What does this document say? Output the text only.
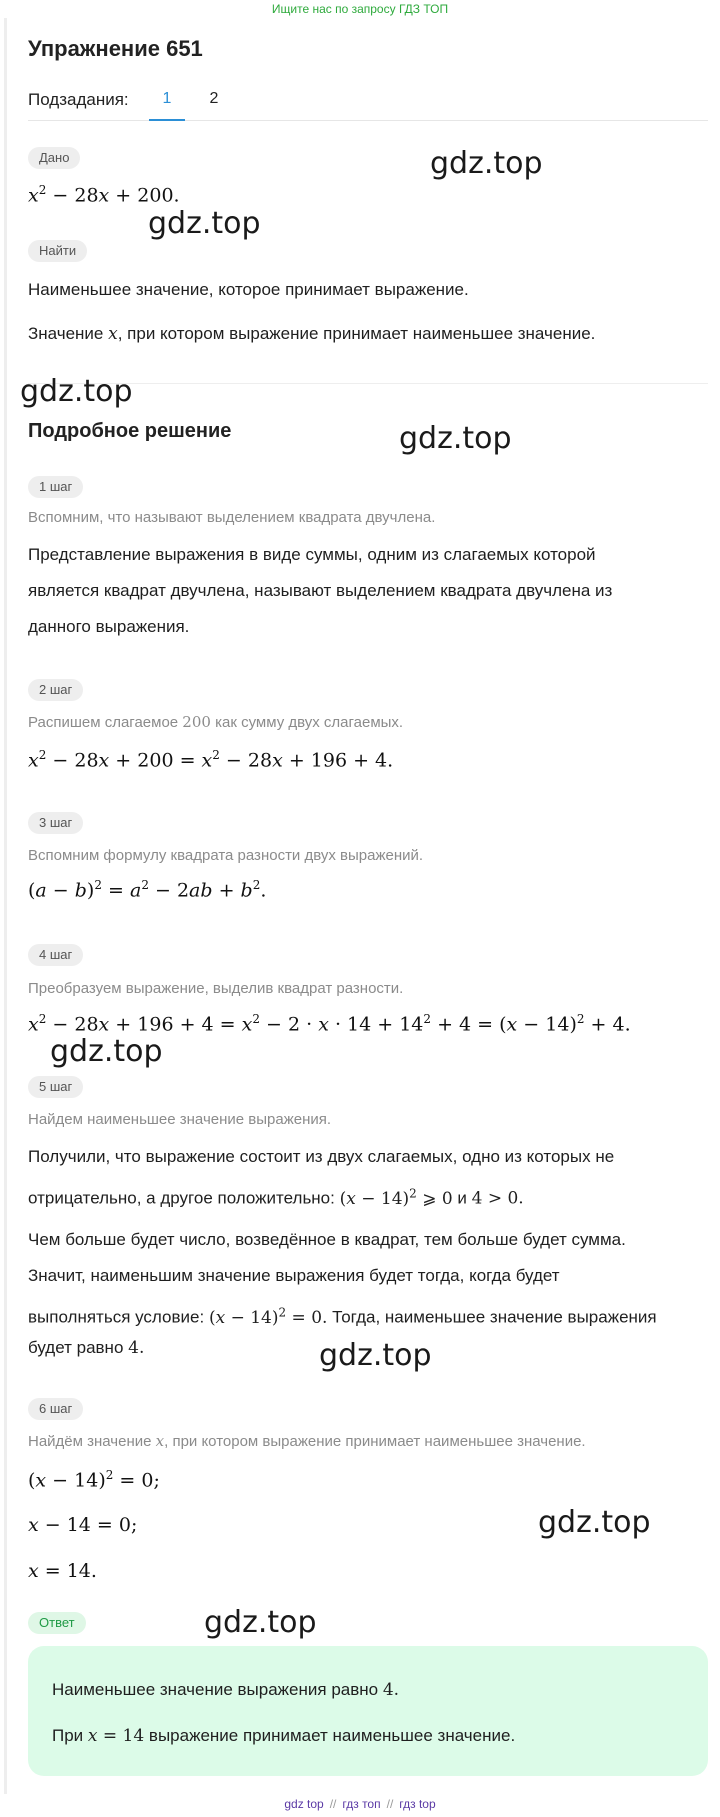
Ищите нас по запросу ГДЗ ТОП
Упражнение 651
Подзадания:	1	2
Дано
$x^2 - 28x + 200$.
Найти
Наименьшее значение, которое принимает выражение.
Значение x, при котором выражение принимает наименьшее значение.
Подробное решение
1 шаг
Вспомним, что называют выделением квадрата двучлена.
Представление выражения в виде суммы, одним из слагаемых которой
является квадрат двучлена, называют выделением квадрата двучлена из
данного выражения.
2 шаг
Распишем слагаемое 200 как сумму двух слагаемых.
$x^2 - 28x + 200 = x^2 - 28x + 196 + 4$.
3 шаг
Вспомним формулу квадрата разности двух выражений.
$(a - b)^2 = a^2 - 2ab + b^2$.
4 шаг
Преобразуем выражение, выделив квадрат разности.
$x^2 - 28x + 196 + 4 = x^2 - 2 \cdot x \cdot 14 + 14^2 + 4 = (x - 14)^2 + 4$.
5 шаг
Найдем наименьшее значение выражения.
Получили, что выражение состоит из двух слагаемых, одно из которых не
отрицательно, а другое положительно: $(x - 14)^2$ ⩾ 0 и 4 > 0.
Чем больше будет число, возведённое в квадрат, тем больше будет сумма.
Значит, наименьшим значение выражения будет тогда, когда будет
выполняться условие: $(x - 14)^2 = 0$. Тогда, наименьшее значение выражения
будет равно 4.
6 шаг
Найдём значение x, при котором выражение принимает наименьшее значение.
$(x - 14)^2 = 0$;
x − 14 = 0;
x = 14.
Ответ
Наименьшее значение выражения равно 4.
При x = 14 выражение принимает наименьшее значение.
gdz.top
gdz.top
gdz.top
gdz.top
gdz.top
gdz.top
gdz.top
gdz.top
gdz top // гдз топ // гдз top
